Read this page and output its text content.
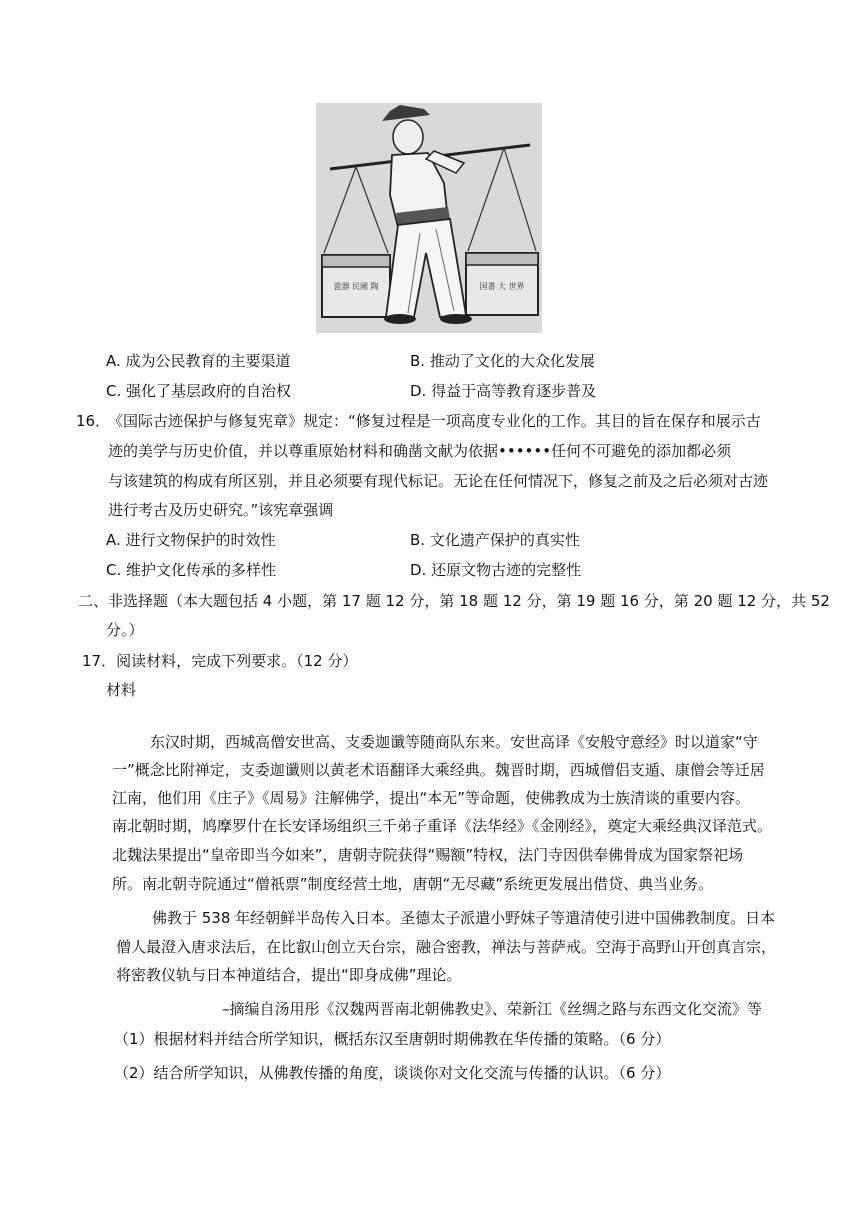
瓷器 民國 陶	国書 大 世界
A. 成为公民教育的主要渠道	B. 推动了文化的大众化发展
C. 强化了基层政府的自治权	D. 得益于高等教育逐步普及
16．
《国际古迹保护与修复宪章》规定：“修复过程是一项高度专业化的工作。其目的旨在保存和展示古
迹的美学与历史价值，并以尊重原始材料和确凿文献为依据••••••任何不可避免的添加都必须
与该建筑的构成有所区别，并且必须要有现代标记。无论在任何情况下，修复之前及之后必须对古迹
进行考古及历史研究。”该宪章强调
A. 进行文物保护的时效性	B. 文化遗产保护的真实性
C. 维护文化传承的多样性	D. 还原文物古迹的完整性
二、非选择题（本大题包括 4 小题，第 17 题 12 分，第 18 题 12 分，第 19 题 16 分，第 20 题 12 分，共 52
分。）
17．阅读材料，完成下列要求。（12 分）
材料
东汉时期，西城高僧安世高、支委迦谶等随商队东来。安世高译《安般守意经》时以道家“守
一”概念比附禅定，支委迦谶则以黄老术语翻译大乘经典。魏晋时期，西城僧侣支遁、康僧会等迁居
江南，他们用《庄子》《周易》注解佛学，提出“本无”等命题，使佛教成为士族清谈的重要内容。
南北朝时期，鸠摩罗什在长安译场组织三千弟子重译《法华经》《金刚经》，奠定大乘经典汉译范式。
北魏法果提出“皇帝即当今如来”，唐朝寺院获得“赐额”特权，法门寺因供奉佛骨成为国家祭祀场
所。南北朝寺院通过“僧祇票”制度经营土地，唐朝“无尽藏”系统更发展出借贷、典当业务。
佛教于 538 年经朝鲜半岛传入日本。圣德太子派遣小野妹子等遣清使引进中国佛教制度。日本
僧人最澄入唐求法后，在比叡山创立天台宗，融合密教，禅法与菩萨戒。空海于高野山开创真言宗，
将密教仪轨与日本神道结合，提出“即身成佛”理论。
–摘编自汤用彤《汉魏两晋南北朝佛教史》、荣新江《丝绸之路与东西文化交流》等
（1）根据材料并结合所学知识，概括东汉至唐朝时期佛教在华传播的策略。（6 分）
（2）结合所学知识，从佛教传播的角度，谈谈你对文化交流与传播的认识。（6 分）
